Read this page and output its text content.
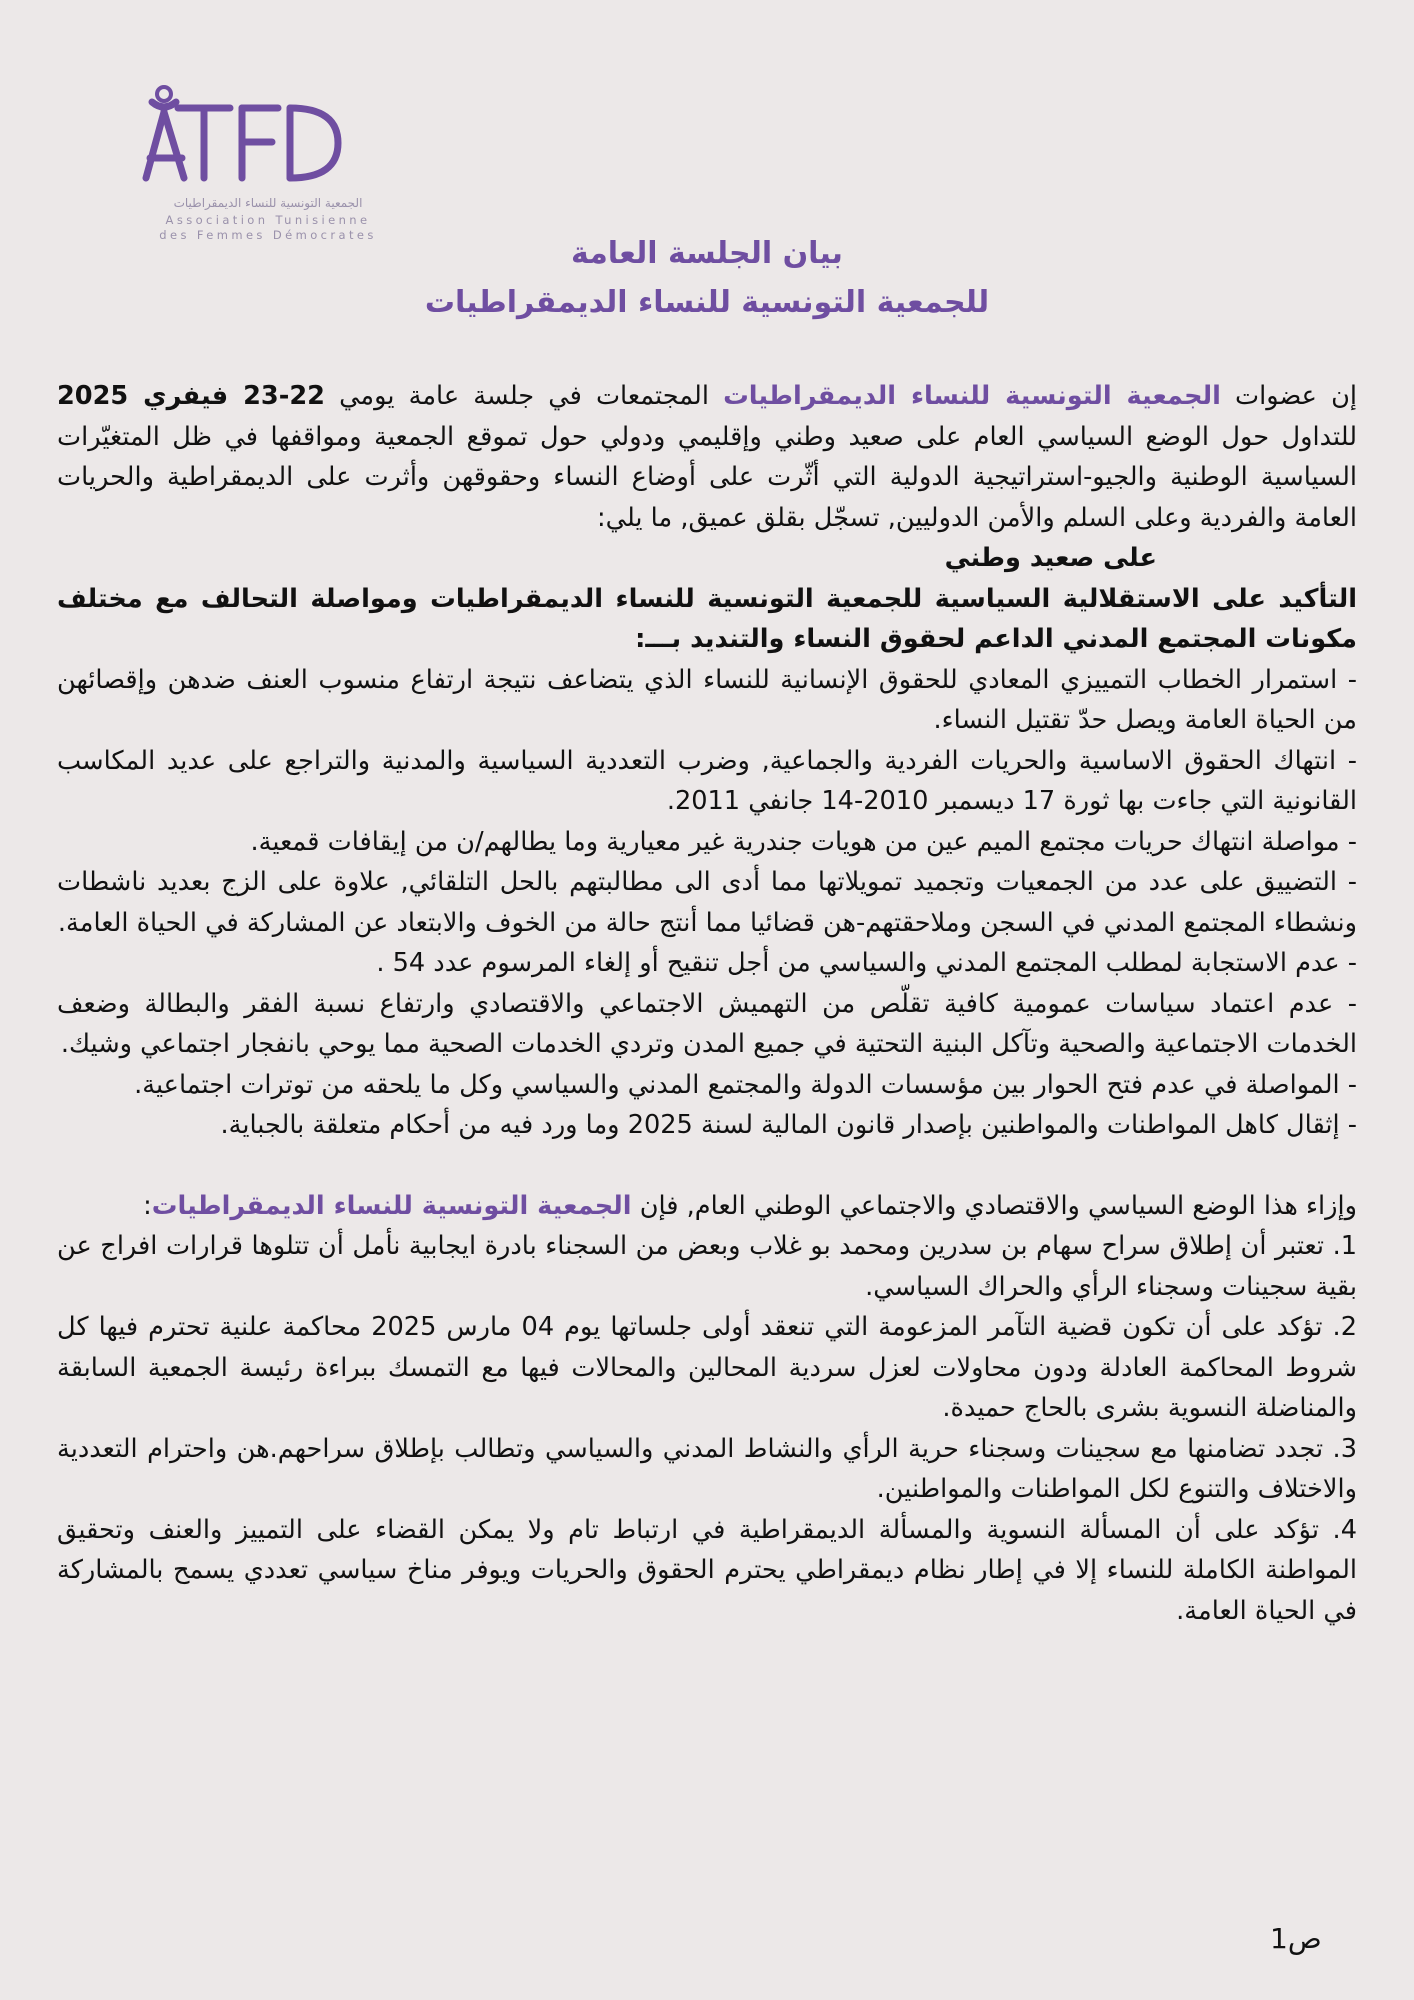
الجمعية التونسية للنساء الديمقراطيات
Association Tunisienne
des Femmes Démocrates
بيان الجلسة العامة
للجمعية التونسية للنساء الديمقراطيات

إن عضوات الجمعية التونسية للنساء الديمقراطيات المجتمعات في جلسة عامة يومي 22-23 فيفري 2025 للتداول حول الوضع السياسي العام على صعيد وطني وإقليمي ودولي حول تموقع الجمعية ومواقفها في ظل المتغيّرات السياسية الوطنية والجيو-استراتيجية الدولية التي أثّرت على أوضاع النساء وحقوقهن وأثرت على الديمقراطية والحريات العامة والفردية وعلى السلم والأمن الدوليين, تسجّل بقلق عميق, ما يلي:

على صعيد وطني

التأكيد على الاستقلالية السياسية للجمعية التونسية للنساء الديمقراطيات ومواصلة التحالف مع مختلف مكونات المجتمع المدني الداعم لحقوق النساء والتنديد بـــ:

- استمرار الخطاب التمييزي المعادي للحقوق الإنسانية للنساء الذي يتضاعف نتيجة ارتفاع منسوب العنف ضدهن وإقصائهن من الحياة العامة ويصل حدّ تقتيل النساء.

- انتهاك الحقوق الاساسية والحريات الفردية والجماعية, وضرب التعددية السياسية والمدنية والتراجع على عديد المكاسب القانونية التي جاءت بها ثورة 17 ديسمبر 2010-14 جانفي 2011.

- مواصلة انتهاك حريات مجتمع الميم عين من هويات جندرية غير معيارية وما يطالهم/ن من إيقافات قمعية.

- التضييق على عدد من الجمعيات وتجميد تمويلاتها مما أدى الى مطالبتهم بالحل التلقائي, علاوة على الزج بعديد ناشطات ونشطاء المجتمع المدني في السجن وملاحقتهم-هن قضائيا مما أنتج حالة من الخوف والابتعاد عن المشاركة في الحياة العامة.

- عدم الاستجابة لمطلب المجتمع المدني والسياسي من أجل تنقيح أو إلغاء المرسوم عدد 54 .

- عدم اعتماد سياسات عمومية كافية تقلّص من التهميش الاجتماعي والاقتصادي وارتفاع نسبة الفقر والبطالة وضعف الخدمات الاجتماعية والصحية وتآكل البنية التحتية في جميع المدن وتردي الخدمات الصحية مما يوحي بانفجار اجتماعي وشيك.

- المواصلة في عدم فتح الحوار بين مؤسسات الدولة والمجتمع المدني والسياسي وكل ما يلحقه من توترات اجتماعية.

- إثقال كاهل المواطنات والمواطنين بإصدار قانون المالية لسنة 2025 وما ورد فيه من أحكام متعلقة بالجباية.

وإزاء هذا الوضع السياسي والاقتصادي والاجتماعي الوطني العام, فإن الجمعية التونسية للنساء الديمقراطيات:

1. تعتبر أن إطلاق سراح سهام بن سدرين ومحمد بو غلاب وبعض من السجناء بادرة ايجابية نأمل أن تتلوها قرارات افراج عن بقية سجينات وسجناء الرأي والحراك السياسي.

2. تؤكد على أن تكون قضية التآمر المزعومة التي تنعقد أولى جلساتها يوم 04 مارس 2025 محاكمة علنية تحترم فيها كل شروط المحاكمة العادلة ودون محاولات لعزل سردية المحالين والمحالات فيها مع التمسك ببراءة رئيسة الجمعية السابقة والمناضلة النسوية بشرى بالحاج حميدة.

3. تجدد تضامنها مع سجينات وسجناء حرية الرأي والنشاط المدني والسياسي وتطالب بإطلاق سراحهم.هن واحترام التعددية والاختلاف والتنوع لكل المواطنات والمواطنين.

4. تؤكد على أن المسألة النسوية والمسألة الديمقراطية في ارتباط تام ولا يمكن القضاء على التمييز والعنف وتحقيق المواطنة الكاملة للنساء إلا في إطار نظام ديمقراطي يحترم الحقوق والحريات ويوفر مناخ سياسي تعددي يسمح بالمشاركة في الحياة العامة.

ص1
